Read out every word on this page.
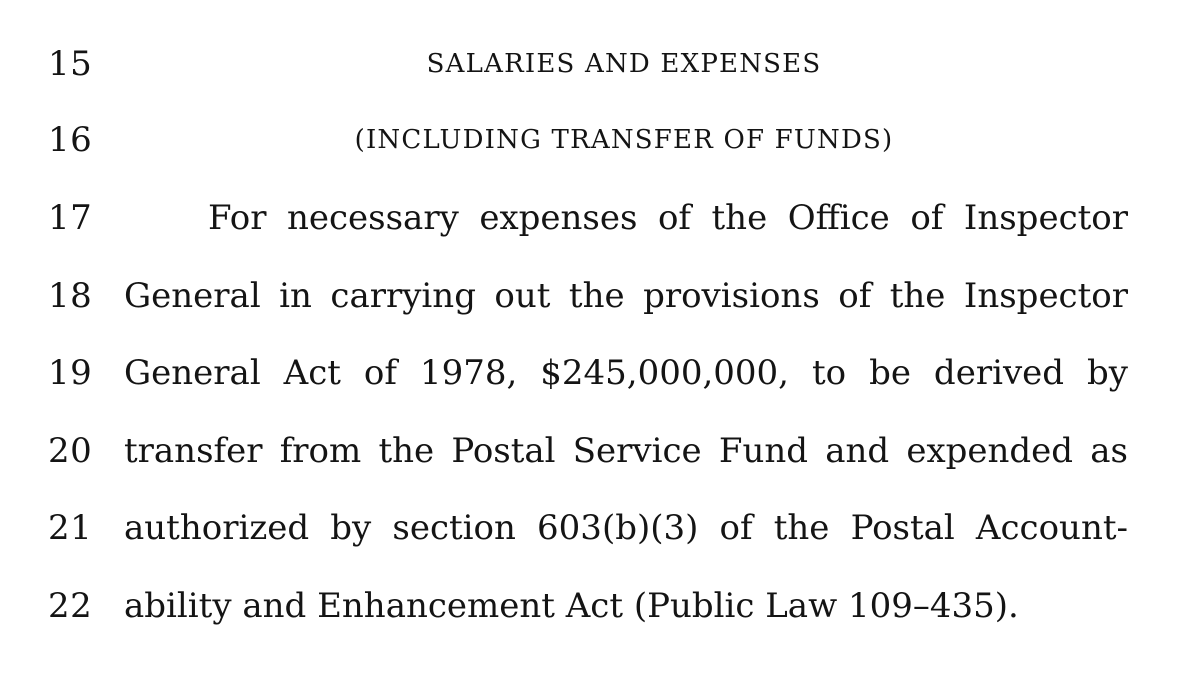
15	SALARIES AND EXPENSES
16	(INCLUDING TRANSFER OF FUNDS)
17	For necessary expenses of the Office of Inspector
18 General in carrying out the provisions of the Inspector
19 General Act of 1978, $245,000,000, to be derived by
20 transfer from the Postal Service Fund and expended as
21 authorized by section 603(b)(3) of the Postal Account-
22 ability and Enhancement Act (Public Law 109–435).
